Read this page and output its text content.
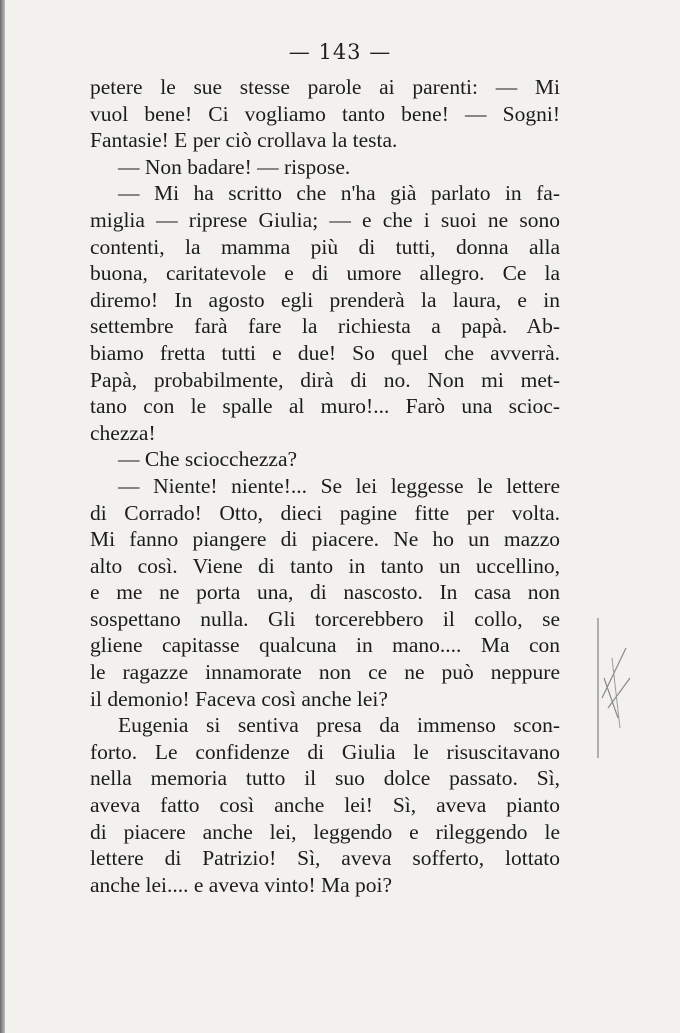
— 143 —
petere le sue stesse parole ai parenti: — Mi
vuol bene! Ci vogliamo tanto bene! — Sogni!
Fantasie! E per ciò crollava la testa.
— Non badare! — rispose.
— Mi ha scritto che n'ha già parlato in fa-
miglia — riprese Giulia; — e che i suoi ne sono
contenti, la mamma più di tutti, donna alla
buona, caritatevole e di umore allegro. Ce la
diremo! In agosto egli prenderà la laura, e in
settembre farà fare la richiesta a papà. Ab-
biamo fretta tutti e due! So quel che avverrà.
Papà, probabilmente, dirà di no. Non mi met-
tano con le spalle al muro!... Farò una scioc-
chezza!
— Che sciocchezza?
— Niente! niente!... Se lei leggesse le lettere
di Corrado! Otto, dieci pagine fitte per volta.
Mi fanno piangere di piacere. Ne ho un mazzo
alto così. Viene di tanto in tanto un uccellino,
e me ne porta una, di nascosto. In casa non
sospettano nulla. Gli torcerebbero il collo, se
gliene capitasse qualcuna in mano.... Ma con
le ragazze innamorate non ce ne può neppure
il demonio! Faceva così anche lei?
Eugenia si sentiva presa da immenso scon-
forto. Le confidenze di Giulia le risuscitavano
nella memoria tutto il suo dolce passato. Sì,
aveva fatto così anche lei! Sì, aveva pianto
di piacere anche lei, leggendo e rileggendo le
lettere di Patrizio! Sì, aveva sofferto, lottato
anche lei.... e aveva vinto! Ma poi?
